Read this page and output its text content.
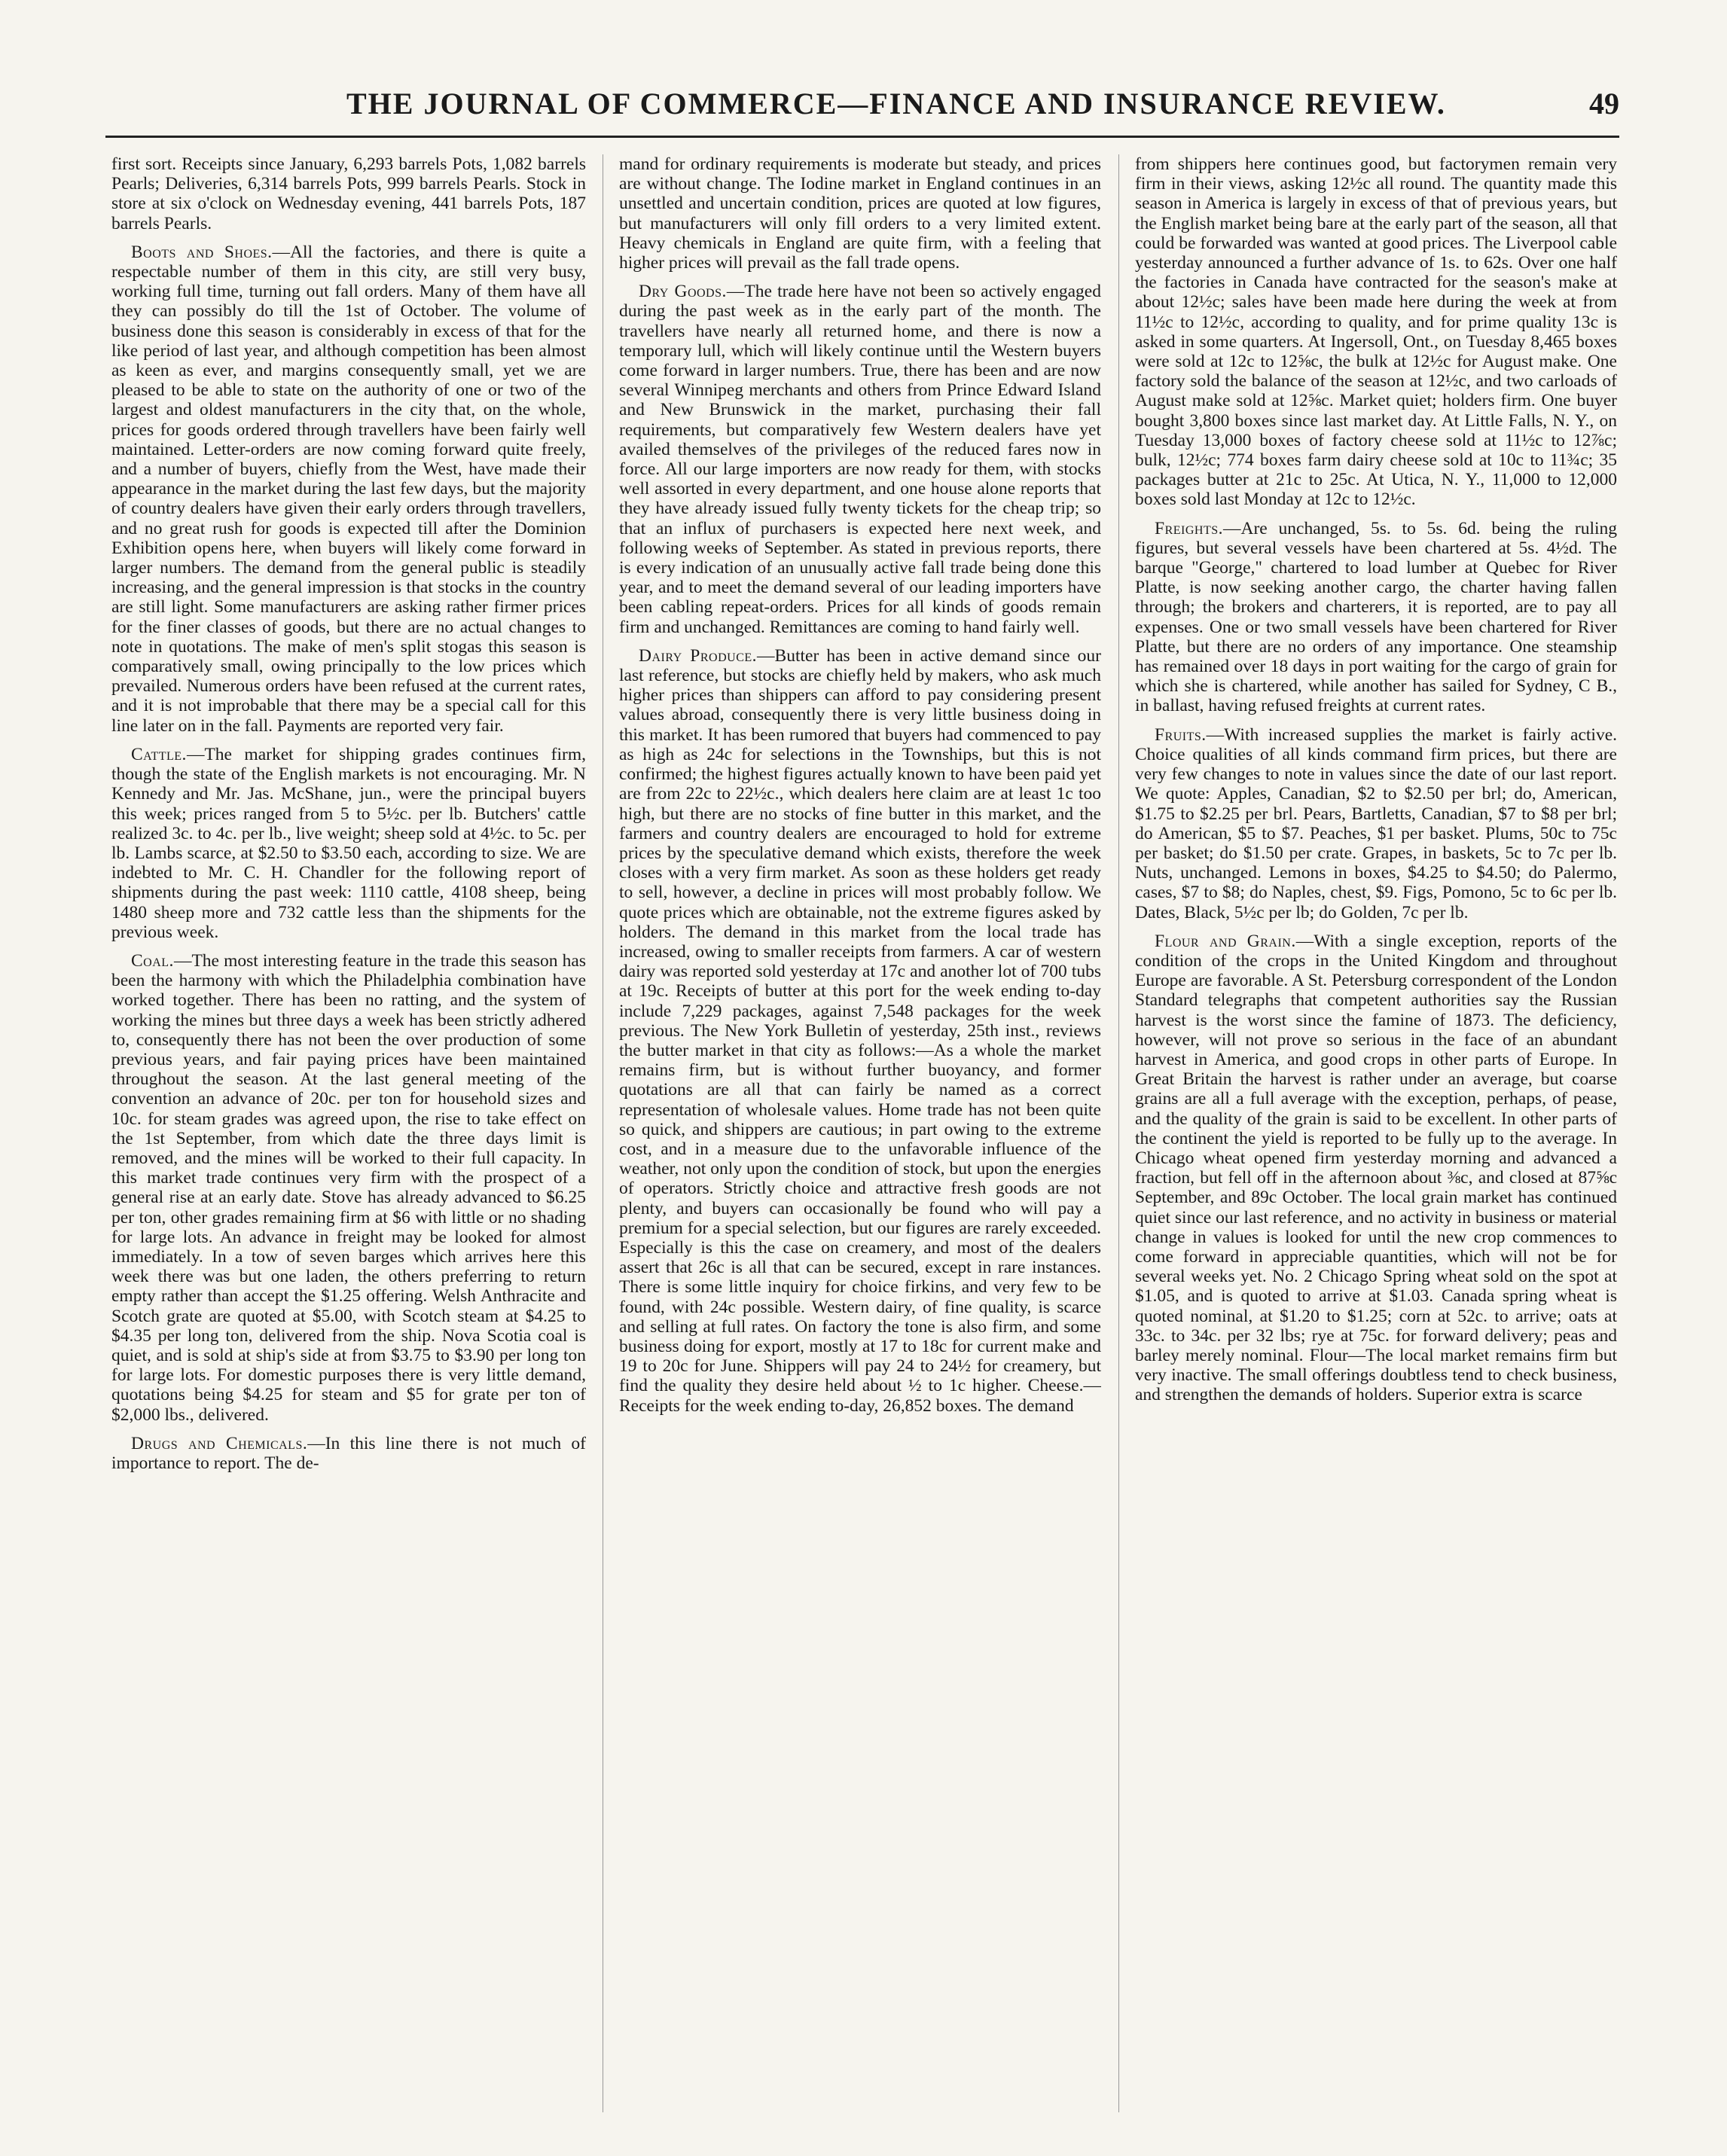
THE JOURNAL OF COMMERCE—FINANCE AND INSURANCE REVIEW.	49

first sort. Receipts since January, 6,293 barrels Pots, 1,082 barrels Pearls; Deliveries, 6,314 barrels Pots, 999 barrels Pearls. Stock in store at six o'clock on Wednesday evening, 441 barrels Pots, 187 barrels Pearls.

Boots and Shoes.—All the factories, and there is quite a respectable number of them in this city, are still very busy, working full time, turning out fall orders. Many of them have all they can possibly do till the 1st of October. The volume of business done this season is considerably in excess of that for the like period of last year, and although competition has been almost as keen as ever, and margins consequently small, yet we are pleased to be able to state on the authority of one or two of the largest and oldest manufacturers in the city that, on the whole, prices for goods ordered through travellers have been fairly well maintained. Letter-orders are now coming forward quite freely, and a number of buyers, chiefly from the West, have made their appearance in the market during the last few days, but the majority of country dealers have given their early orders through travellers, and no great rush for goods is expected till after the Dominion Exhibition opens here, when buyers will likely come forward in larger numbers. The demand from the general public is steadily increasing, and the general impression is that stocks in the country are still light. Some manufacturers are asking rather firmer prices for the finer classes of goods, but there are no actual changes to note in quotations. The make of men's split stogas this season is comparatively small, owing principally to the low prices which prevailed. Numerous orders have been refused at the current rates, and it is not improbable that there may be a special call for this line later on in the fall. Payments are reported very fair.

Cattle.—The market for shipping grades continues firm, though the state of the English markets is not encouraging. Mr. N Kennedy and Mr. Jas. McShane, jun., were the principal buyers this week; prices ranged from 5 to 5½c. per lb. Butchers' cattle realized 3c. to 4c. per lb., live weight; sheep sold at 4½c. to 5c. per lb. Lambs scarce, at $2.50 to $3.50 each, according to size. We are indebted to Mr. C. H. Chandler for the following report of shipments during the past week: 1110 cattle, 4108 sheep, being 1480 sheep more and 732 cattle less than the shipments for the previous week.

Coal.—The most interesting feature in the trade this season has been the harmony with which the Philadelphia combination have worked together. There has been no ratting, and the system of working the mines but three days a week has been strictly adhered to, consequently there has not been the over production of some previous years, and fair paying prices have been maintained throughout the season. At the last general meeting of the convention an advance of 20c. per ton for household sizes and 10c. for steam grades was agreed upon, the rise to take effect on the 1st September, from which date the three days limit is removed, and the mines will be worked to their full capacity. In this market trade continues very firm with the prospect of a general rise at an early date. Stove has already advanced to $6.25 per ton, other grades remaining firm at $6 with little or no shading for large lots. An advance in freight may be looked for almost immediately. In a tow of seven barges which arrives here this week there was but one laden, the others preferring to return empty rather than accept the $1.25 offering. Welsh Anthracite and Scotch grate are quoted at $5.00, with Scotch steam at $4.25 to $4.35 per long ton, delivered from the ship. Nova Scotia coal is quiet, and is sold at ship's side at from $3.75 to $3.90 per long ton for large lots. For domestic purposes there is very little demand, quotations being $4.25 for steam and $5 for grate per ton of $2,000 lbs., delivered.

Drugs and Chemicals.—In this line there is not much of importance to report. The de-

mand for ordinary requirements is moderate but steady, and prices are without change. The Iodine market in England continues in an unsettled and uncertain condition, prices are quoted at low figures, but manufacturers will only fill orders to a very limited extent. Heavy chemicals in England are quite firm, with a feeling that higher prices will prevail as the fall trade opens.

Dry Goods.—The trade here have not been so actively engaged during the past week as in the early part of the month. The travellers have nearly all returned home, and there is now a temporary lull, which will likely continue until the Western buyers come forward in larger numbers. True, there has been and are now several Winnipeg merchants and others from Prince Edward Island and New Brunswick in the market, purchasing their fall requirements, but comparatively few Western dealers have yet availed themselves of the privileges of the reduced fares now in force. All our large importers are now ready for them, with stocks well assorted in every department, and one house alone reports that they have already issued fully twenty tickets for the cheap trip; so that an influx of purchasers is expected here next week, and following weeks of September. As stated in previous reports, there is every indication of an unusually active fall trade being done this year, and to meet the demand several of our leading importers have been cabling repeat-orders. Prices for all kinds of goods remain firm and unchanged. Remittances are coming to hand fairly well.

Dairy Produce.—Butter has been in active demand since our last reference, but stocks are chiefly held by makers, who ask much higher prices than shippers can afford to pay considering present values abroad, consequently there is very little business doing in this market. It has been rumored that buyers had commenced to pay as high as 24c for selections in the Townships, but this is not confirmed; the highest figures actually known to have been paid yet are from 22c to 22½c., which dealers here claim are at least 1c too high, but there are no stocks of fine butter in this market, and the farmers and country dealers are encouraged to hold for extreme prices by the speculative demand which exists, therefore the week closes with a very firm market. As soon as these holders get ready to sell, however, a decline in prices will most probably follow. We quote prices which are obtainable, not the extreme figures asked by holders. The demand in this market from the local trade has increased, owing to smaller receipts from farmers. A car of western dairy was reported sold yesterday at 17c and another lot of 700 tubs at 19c. Receipts of butter at this port for the week ending to-day include 7,229 packages, against 7,548 packages for the week previous. The New York Bulletin of yesterday, 25th inst., reviews the butter market in that city as follows:—As a whole the market remains firm, but is without further buoyancy, and former quotations are all that can fairly be named as a correct representation of wholesale values. Home trade has not been quite so quick, and shippers are cautious; in part owing to the extreme cost, and in a measure due to the unfavorable influence of the weather, not only upon the condition of stock, but upon the energies of operators. Strictly choice and attractive fresh goods are not plenty, and buyers can occasionally be found who will pay a premium for a special selection, but our figures are rarely exceeded. Especially is this the case on creamery, and most of the dealers assert that 26c is all that can be secured, except in rare instances. There is some little inquiry for choice firkins, and very few to be found, with 24c possible. Western dairy, of fine quality, is scarce and selling at full rates. On factory the tone is also firm, and some business doing for export, mostly at 17 to 18c for current make and 19 to 20c for June. Shippers will pay 24 to 24½ for creamery, but find the quality they desire held about ½ to 1c higher. Cheese.—Receipts for the week ending to-day, 26,852 boxes. The demand

from shippers here continues good, but factorymen remain very firm in their views, asking 12½c all round. The quantity made this season in America is largely in excess of that of previous years, but the English market being bare at the early part of the season, all that could be forwarded was wanted at good prices. The Liverpool cable yesterday announced a further advance of 1s. to 62s. Over one half the factories in Canada have contracted for the season's make at about 12½c; sales have been made here during the week at from 11½c to 12½c, according to quality, and for prime quality 13c is asked in some quarters. At Ingersoll, Ont., on Tuesday 8,465 boxes were sold at 12c to 12⅝c, the bulk at 12½c for August make. One factory sold the balance of the season at 12½c, and two carloads of August make sold at 12⅝c. Market quiet; holders firm. One buyer bought 3,800 boxes since last market day. At Little Falls, N. Y., on Tuesday 13,000 boxes of factory cheese sold at 11½c to 12⅞c; bulk, 12½c; 774 boxes farm dairy cheese sold at 10c to 11¾c; 35 packages butter at 21c to 25c. At Utica, N. Y., 11,000 to 12,000 boxes sold last Monday at 12c to 12½c.

Freights.—Are unchanged, 5s. to 5s. 6d. being the ruling figures, but several vessels have been chartered at 5s. 4½d. The barque "George," chartered to load lumber at Quebec for River Platte, is now seeking another cargo, the charter having fallen through; the brokers and charterers, it is reported, are to pay all expenses. One or two small vessels have been chartered for River Platte, but there are no orders of any importance. One steamship has remained over 18 days in port waiting for the cargo of grain for which she is chartered, while another has sailed for Sydney, C B., in ballast, having refused freights at current rates.

Fruits.—With increased supplies the market is fairly active. Choice qualities of all kinds command firm prices, but there are very few changes to note in values since the date of our last report. We quote: Apples, Canadian, $2 to $2.50 per brl; do, American, $1.75 to $2.25 per brl. Pears, Bartletts, Canadian, $7 to $8 per brl; do American, $5 to $7. Peaches, $1 per basket. Plums, 50c to 75c per basket; do $1.50 per crate. Grapes, in baskets, 5c to 7c per lb. Nuts, unchanged. Lemons in boxes, $4.25 to $4.50; do Palermo, cases, $7 to $8; do Naples, chest, $9. Figs, Pomono, 5c to 6c per lb. Dates, Black, 5½c per lb; do Golden, 7c per lb.

Flour and Grain.—With a single exception, reports of the condition of the crops in the United Kingdom and throughout Europe are favorable. A St. Petersburg correspondent of the London Standard telegraphs that competent authorities say the Russian harvest is the worst since the famine of 1873. The deficiency, however, will not prove so serious in the face of an abundant harvest in America, and good crops in other parts of Europe. In Great Britain the harvest is rather under an average, but coarse grains are all a full average with the exception, perhaps, of pease, and the quality of the grain is said to be excellent. In other parts of the continent the yield is reported to be fully up to the average. In Chicago wheat opened firm yesterday morning and advanced a fraction, but fell off in the afternoon about ⅜c, and closed at 87⅝c September, and 89c October. The local grain market has continued quiet since our last reference, and no activity in business or material change in values is looked for until the new crop commences to come forward in appreciable quantities, which will not be for several weeks yet. No. 2 Chicago Spring wheat sold on the spot at $1.05, and is quoted to arrive at $1.03. Canada spring wheat is quoted nominal, at $1.20 to $1.25; corn at 52c. to arrive; oats at 33c. to 34c. per 32 lbs; rye at 75c. for forward delivery; peas and barley merely nominal. Flour—The local market remains firm but very inactive. The small offerings doubtless tend to check business, and strengthen the demands of holders. Superior extra is scarce
